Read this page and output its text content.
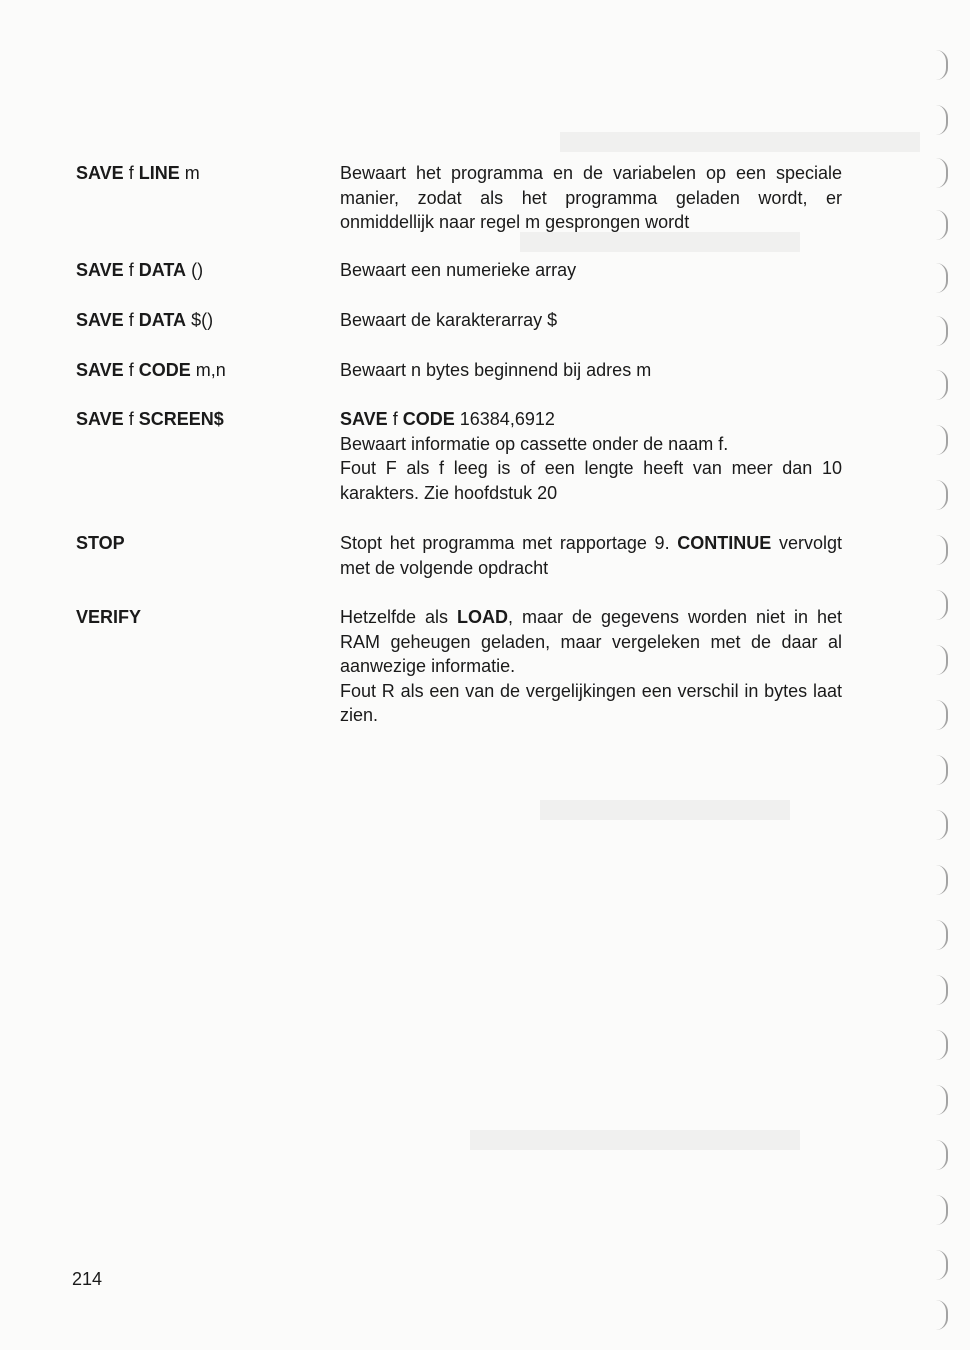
SAVE f LINE m	Bewaart het programma en de variabelen op een speciale manier, zodat als het programma geladen wordt, er onmiddellijk naar regel m gesprongen wordt

SAVE f DATA ()	Bewaart een numerieke array

SAVE f DATA $()	Bewaart de karakterarray $

SAVE f CODE m,n	Bewaart n bytes beginnend bij adres m

SAVE f SCREEN$	SAVE f CODE 16384,6912

Bewaart informatie op cassette onder de naam f.

Fout F als f leeg is of een lengte heeft van meer dan 10 karakters. Zie hoofdstuk 20

STOP	Stopt het programma met rapportage 9. CONTINUE vervolgt met de volgende opdracht

VERIFY	Hetzelfde als LOAD, maar de gegevens worden niet in het RAM geheugen geladen, maar vergeleken met de daar al aanwezige informatie.

Fout R als een van de vergelijkingen een verschil in bytes laat zien.

214
